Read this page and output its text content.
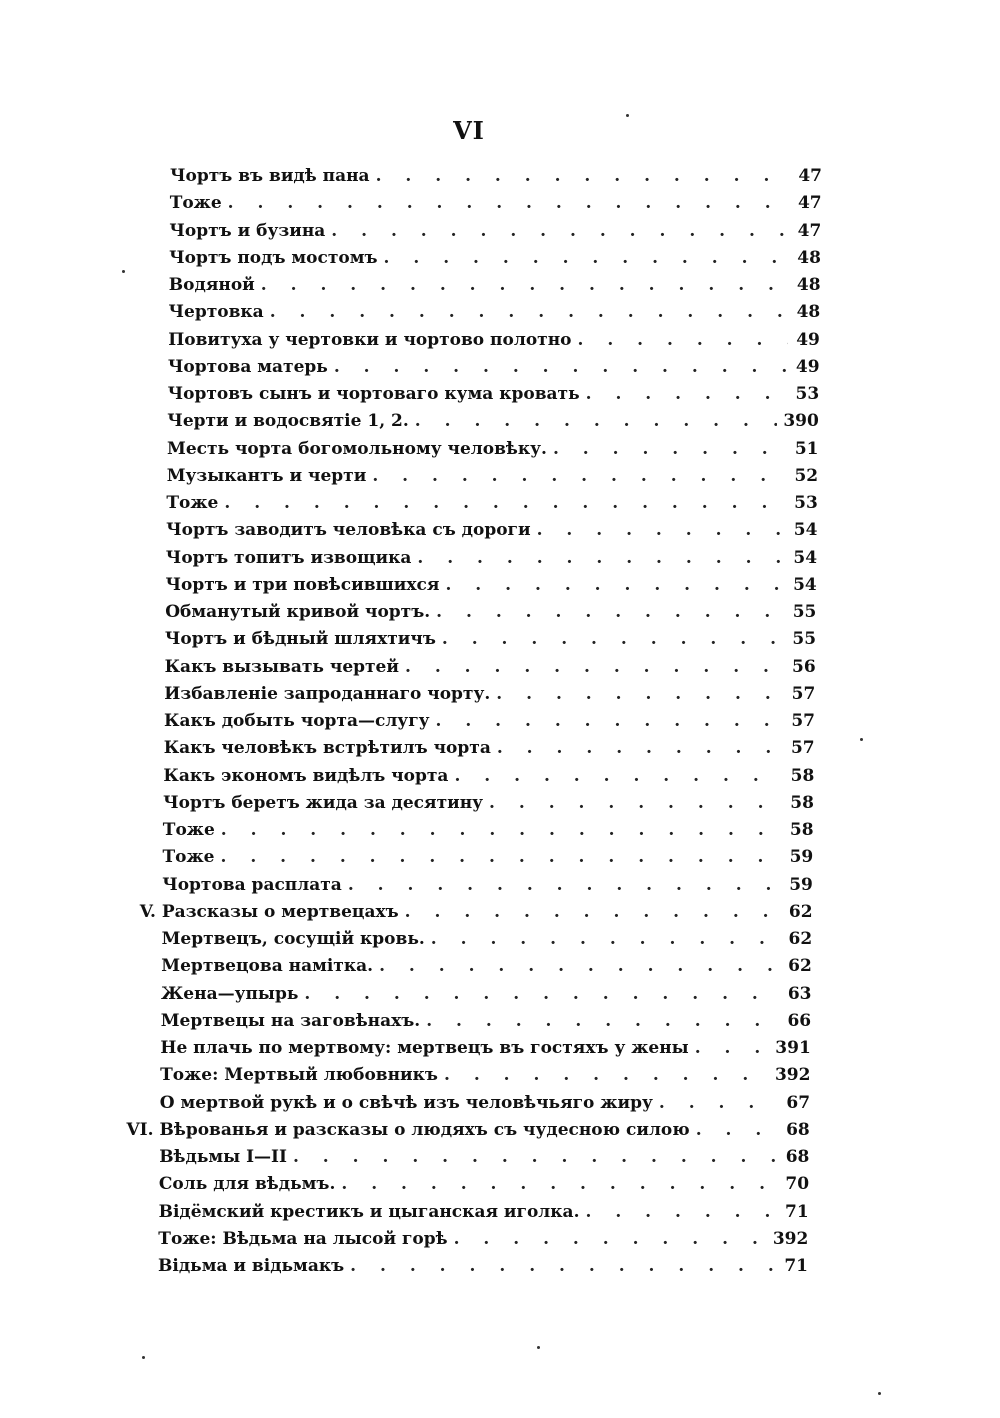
VI
Чортъ въ видѣ пана . . .	47
Тоже . . .	47
Чортъ и бузина . . .	47
Чортъ подъ мостомъ . . .	48
Водяной . . .	48
Чертовка . . .	48
Повитуха у чертовки и чортово полотно . . .	49
Чортова матерь . . .	49
Чортовъ сынъ и чортоваго кума кровать . . .	53
Черти и водосвятіе 1, 2. . . .	390
Месть чорта богомольному человѣку. . . .	51
Музыкантъ и черти . . .	52
Тоже . . .	53
Чортъ заводитъ человѣка съ дороги . . .	54
Чортъ топитъ извощика . . .	54
Чортъ и три повѣсившихся . . .	54
Обманутый кривой чортъ. . . .	55
Чортъ и бѣдный шляхтичъ . . .	55
Какъ вызывать чертей . . .	56
Избавленіе запроданнаго чорту. . . .	57
Какъ добыть чорта—слугу . . .	57
Какъ человѣкъ встрѣтилъ чорта . . .	57
Какъ экономъ видѣлъ чорта . . .	58
Чортъ беретъ жида за десятину . . .	58
Тоже . . .	58
Тоже . . .	59
Чортова расплата . . .	59
V. Разсказы о мертвецахъ . . .	62
Мертвецъ, сосущій кровь. . . .	62
Мертвецова намітка. . . .	62
Жена—упырь . . .	63
Мертвецы на заговѣнахъ. . . .	66
Не плачь по мертвому: мертвецъ въ гостяхъ у жены . . .	391
Тоже: Мертвый любовникъ . . .	392
О мертвой рукѣ и о свѣчѣ изъ человѣчьяго жиру . . .	67
VI. Вѣрованья и разсказы о людяхъ съ чудесною силою . . .	68
Вѣдьмы I—II . . .	68
Соль для вѣдьмъ. . . .	70
Відёмский крестикъ и цыганская иголка. . . .	71
Тоже: Вѣдьма на лысой горѣ . . .	392
Відьма и відьмакъ . . .	71
